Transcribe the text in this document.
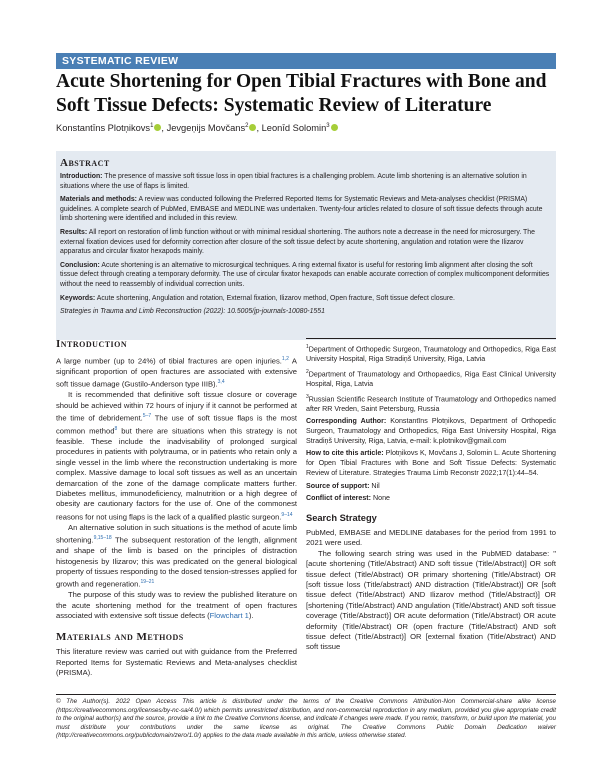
SYSTEMATIC REVIEW
Acute Shortening for Open Tibial Fractures with Bone and Soft Tissue Defects: Systematic Review of Literature
Konstantīns Plotņikovs$^1$ , Jevgeņijs Movčans$^2$ , Leonīd Solomin$^3$
Abstract

Introduction: The presence of massive soft tissue loss in open tibial fractures is a challenging problem. Acute limb shortening is an alternative solution in situations where the use of flaps is limited.

Materials and methods: A review was conducted following the Preferred Reported Items for Systematic Reviews and Meta-analyses checklist (PRISMA) guidelines. A complete search of PubMed, EMBASE and MEDLINE was undertaken. Twenty-four articles related to closure of soft tissue defects through acute limb shortening were identified and included in this review.

Results: All report on restoration of limb function without or with minimal residual shortening. The authors note a decrease in the need for microsurgery. The external fixation devices used for deformity correction after closure of the soft tissue defect by acute shortening, angulation and rotation were the Ilizarov apparatus and circular fixator hexapods mainly.

Conclusion: Acute shortening is an alternative to microsurgical techniques. A ring external fixator is useful for restoring limb alignment after closing the soft tissue defect through creating a temporary deformity. The use of circular fixator hexapods can enable accurate correction of complex multicomponent deformities without the need to reassembly of individual correction units.

Keywords: Acute shortening, Angulation and rotation, External fixation, Ilizarov method, Open fracture, Soft tissue defect closure.

Strategies in Trauma and Limb Reconstruction (2022): 10.5005/jp-journals-10080-1551

Introduction

A large number (up to 24%) of tibial fractures are open injuries.$^{1,2}$ A significant proportion of open fractures are associated with extensive soft tissue damage (Gustilo-Anderson type IIIB).$^{3,4}$

It is recommended that definitive soft tissue closure or coverage should be achieved within 72 hours of injury if it cannot be performed at the time of debridement.$^{5-7}$ The use of soft tissue flaps is the most common method$^8$ but there are situations when this strategy is not feasible. These include the inadvisability of prolonged surgical procedures in patients with polytrauma, or in patients who retain only a single vessel in the limb where the reconstruction undertaking is more complex. Massive damage to local soft tissues as well as an uncertain demarcation of the zone of the damage complicate matters further. Diabetes mellitus, immunodeficiency, malnutrition or a high degree of obesity are cautionary factors for the use of. One of the commonest reasons for not using flaps is the lack of a qualified plastic surgeon.$^{9-14}$

An alternative solution in such situations is the method of acute limb shortening.$^{9,15-18}$ The subsequent restoration of the length, alignment and shape of the limb is based on the principles of distraction histogenesis by Ilizarov; this was predicated on the general biological property of tissues responding to the dosed tension-stresses applied for growth and regeneration.$^{19-21}$

The purpose of this study was to review the published literature on the acute shortening method for the treatment of open fractures associated with extensive soft tissue defects (Flowchart 1).

Materials and Methods

This literature review was carried out with guidance from the Preferred Reported Items for Systematic Reviews and Meta-analyses checklist (PRISMA).

$^1$Department of Orthopedic Surgeon, Traumatology and Orthopedics, Riga East University Hospital, Riga Stradiņš University, Riga, Latvia

$^2$Department of Traumatology and Orthopaedics, Riga East Clinical University Hospital, Riga, Latvia

$^3$Russian Scientific Research Institute of Traumatology and Orthopedics named after RR Vreden, Saint Petersburg, Russia

Corresponding Author: Konstantīns Plotņikovs, Department of Orthopedic Surgeon, Traumatology and Orthopedics, Riga East University Hospital, Riga Stradiņš University, Riga, Latvia, e-mail: k.plotnikov@gmail.com

How to cite this article: Plotņikovs K, Movčans J, Solomin L. Acute Shortening for Open Tibial Fractures with Bone and Soft Tissue Defects: Systematic Review of Literature. Strategies Trauma Limb Reconstr 2022;17(1):44–54.

Source of support: Nil

Conflict of interest: None

Search Strategy

PubMed, EMBASE and MEDLINE databases for the period from 1991 to 2021 were used.

The following search string was used in the PubMED database: "[acute shortening (Title/Abstract) AND soft tissue (Title/Abstract)] OR soft tissue defect (Title/Abstract) OR primary shortening (Title/Abstract) OR [soft tissue loss (Title/abstract) AND distraction (Title/Abstract)] OR [soft tissue defect (Title/Abstract) AND Ilizarov method (Title/Abstract)] OR [shortening (Title/Abstract) AND angulation (Title/Abstract) AND soft tissue coverage (Title/Abstract)] OR acute deformation (Title/Abstract) OR acute deformity (Title/Abstract) OR (open fracture (Title/Abstract) AND soft tissue defect (Title/Abstract)] OR [external fixation (Title/Abstract) AND soft tissue

© The Author(s). 2022 Open Access This article is distributed under the terms of the Creative Commons Attribution-Non Commercial-share alike license (https://creativecommons.org/licenses/by-nc-sa/4.0/) which permits unrestricted distribution, and non-commercial reproduction in any medium, provided you give appropriate credit to the original author(s) and the source, provide a link to the Creative Commons license, and indicate if changes were made. If you remix, transform, or build upon the material, you must distribute your contributions under the same license as original. The Creative Commons Public Domain Dedication waiver (http://creativecommons.org/publicdomain/zero/1.0/) applies to the data made available in this article, unless otherwise stated.
